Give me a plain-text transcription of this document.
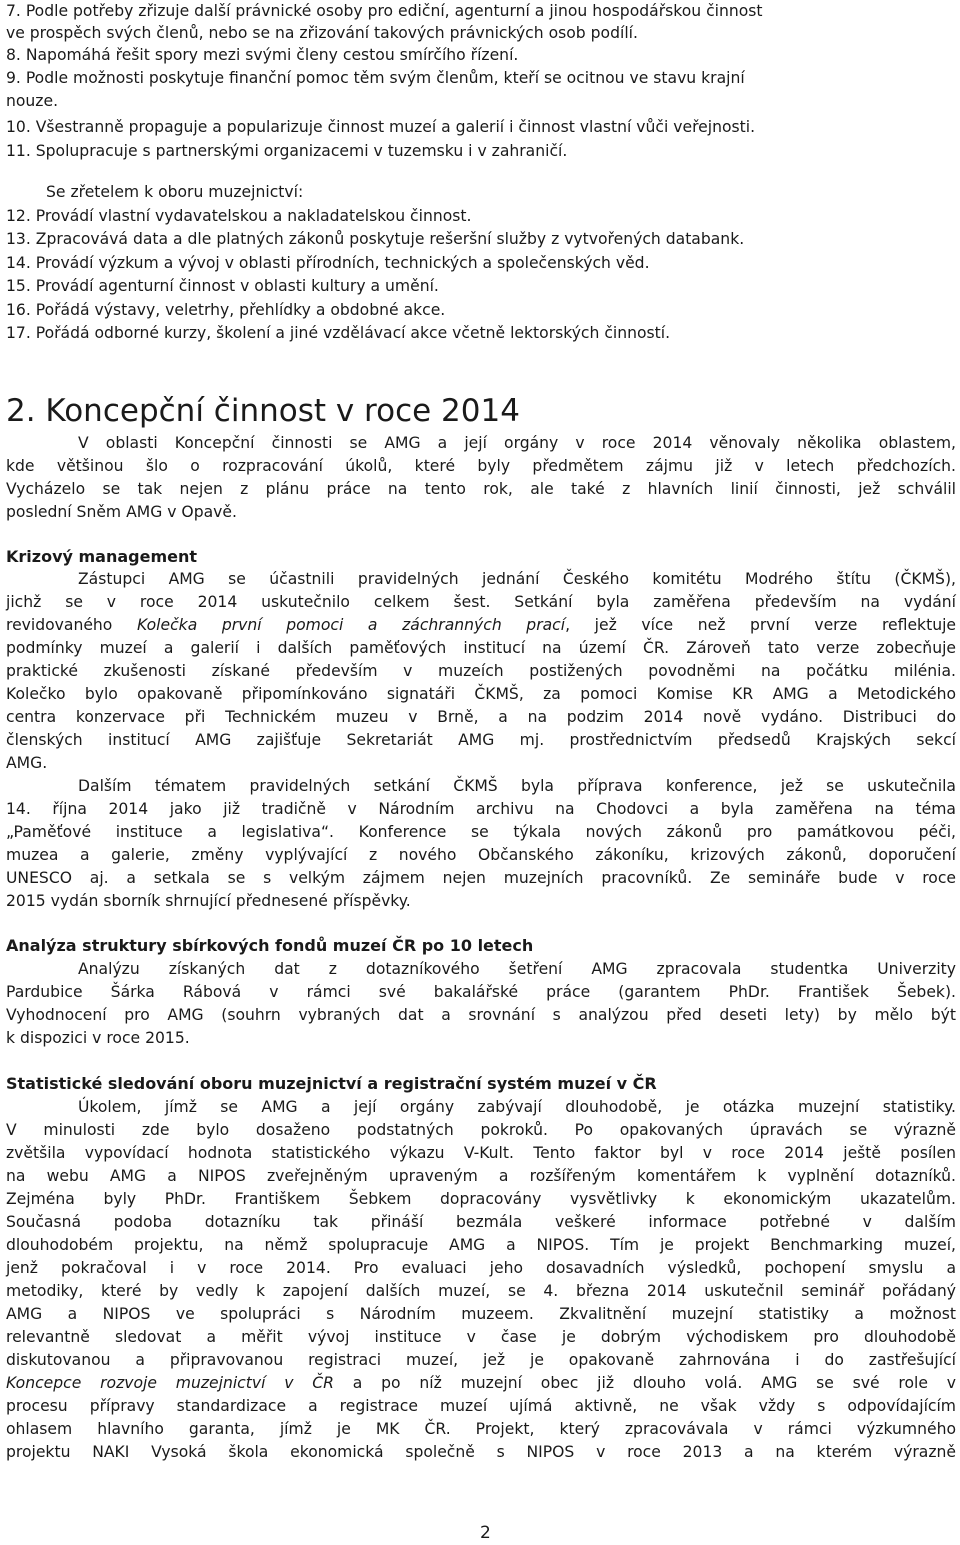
7. Podle potřeby zřizuje další právnické osoby pro ediční, agenturní a jinou hospodářskou činnost
ve prospěch svých členů, nebo se na zřizování takových právnických osob podílí.
8. Napomáhá řešit spory mezi svými členy cestou smírčího řízení.
9. Podle možnosti poskytuje finanční pomoc těm svým členům, kteří se ocitnou ve stavu krajní
nouze.
10. Všestranně propaguje a popularizuje činnost muzeí a galerií i činnost vlastní vůči veřejnosti.
11. Spolupracuje s partnerskými organizacemi v tuzemsku i v zahraničí.
Se zřetelem k oboru muzejnictví:
12. Provádí vlastní vydavatelskou a nakladatelskou činnost.
13. Zpracovává data a dle platných zákonů poskytuje rešeršní služby z vytvořených databank.
14. Provádí výzkum a vývoj v oblasti přírodních, technických a společenských věd.
15. Provádí agenturní činnost v oblasti kultury a umění.
16. Pořádá výstavy, veletrhy, přehlídky a obdobné akce.
17. Pořádá odborné kurzy, školení a jiné vzdělávací akce včetně lektorských činností.
2. Koncepční činnost v roce 2014
V oblasti Koncepční činnosti se AMG a její orgány v roce 2014 věnovaly několika oblastem,
kde většinou šlo o rozpracování úkolů, které byly předmětem zájmu již v letech předchozích.
Vycházelo se tak nejen z plánu práce na tento rok, ale také z hlavních linií činnosti, jež schválil
poslední Sněm AMG v Opavě.
Krizový management
Zástupci AMG se účastnili pravidelných jednání Českého komitétu Modrého štítu (ČKMŠ),
jichž se v roce 2014 uskutečnilo celkem šest. Setkání byla zaměřena především na vydání
revidovaného Kolečka první pomoci a záchranných prací, jež více než první verze reflektuje
podmínky muzeí a galerií i dalších paměťových institucí na území ČR. Zároveň tato verze zobecňuje
praktické zkušenosti získané především v muzeích postižených povodněmi na počátku milénia.
Kolečko bylo opakovaně připomínkováno signatáři ČKMŠ, za pomoci Komise KR AMG a Metodického
centra konzervace při Technickém muzeu v Brně, a na podzim 2014 nově vydáno. Distribuci do
členských institucí AMG zajišťuje Sekretariát AMG mj. prostřednictvím předsedů Krajských sekcí
AMG.
Dalším tématem pravidelných setkání ČKMŠ byla příprava konference, jež se uskutečnila
14. října 2014 jako již tradičně v Národním archivu na Chodovci a byla zaměřena na téma
„Paměťové instituce a legislativa“. Konference se týkala nových zákonů pro památkovou péči,
muzea a galerie, změny vyplývající z nového Občanského zákoníku, krizových zákonů, doporučení
UNESCO aj. a setkala se s velkým zájmem nejen muzejních pracovníků. Ze semináře bude v roce
2015 vydán sborník shrnující přednesené příspěvky.
Analýza struktury sbírkových fondů muzeí ČR po 10 letech
Analýzu získaných dat z dotazníkového šetření AMG zpracovala studentka Univerzity
Pardubice Šárka Rábová v rámci své bakalářské práce (garantem PhDr. František Šebek).
Vyhodnocení pro AMG (souhrn vybraných dat a srovnání s analýzou před deseti lety) by mělo být
k dispozici v roce 2015.
Statistické sledování oboru muzejnictví a registrační systém muzeí v ČR
Úkolem, jímž se AMG a její orgány zabývají dlouhodobě, je otázka muzejní statistiky.
V minulosti zde bylo dosaženo podstatných pokroků. Po opakovaných úpravách se výrazně
zvětšila vypovídací hodnota statistického výkazu V-Kult. Tento faktor byl v roce 2014 ještě posílen
na webu AMG a NIPOS zveřejněným upraveným a rozšířeným komentářem k vyplnění dotazníků.
Zejména byly PhDr. Františkem Šebkem dopracovány vysvětlivky k ekonomickým ukazatelům.
Současná podoba dotazníku tak přináší bezmála veškeré informace potřebné v dalším
dlouhodobém projektu, na němž spolupracuje AMG a NIPOS. Tím je projekt Benchmarking muzeí,
jenž pokračoval i v roce 2014. Pro evaluaci jeho dosavadních výsledků, pochopení smyslu a
metodiky, které by vedly k zapojení dalších muzeí, se 4. března 2014 uskutečnil seminář pořádaný
AMG a NIPOS ve spolupráci s Národním muzeem. Zkvalitnění muzejní statistiky a možnost
relevantně sledovat a měřit vývoj instituce v čase je dobrým východiskem pro dlouhodobě
diskutovanou a připravovanou registraci muzeí, jež je opakovaně zahrnována i do zastřešující
Koncepce rozvoje muzejnictví v ČR a po níž muzejní obec již dlouho volá. AMG se své role v
procesu přípravy standardizace a registrace muzeí ujímá aktivně, ne však vždy s odpovídajícím
ohlasem hlavního garanta, jímž je MK ČR. Projekt, který zpracovávala v rámci výzkumného
projektu NAKI Vysoká škola ekonomická společně s NIPOS v roce 2013 a na kterém výrazně
2
